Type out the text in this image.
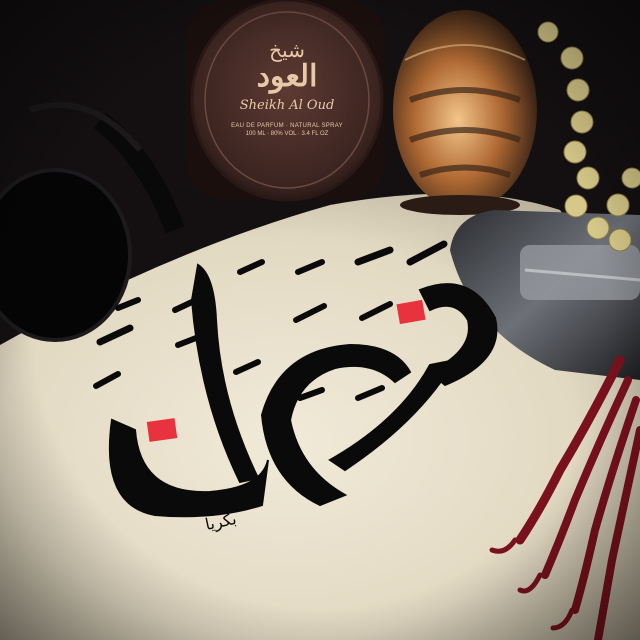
شيخ
العود
Sheikh Al Oud
EAU DE PARFUM · NATURAL SPRAY
100 ML · 80% VOL · 3.4 FL OZ
بكريا
